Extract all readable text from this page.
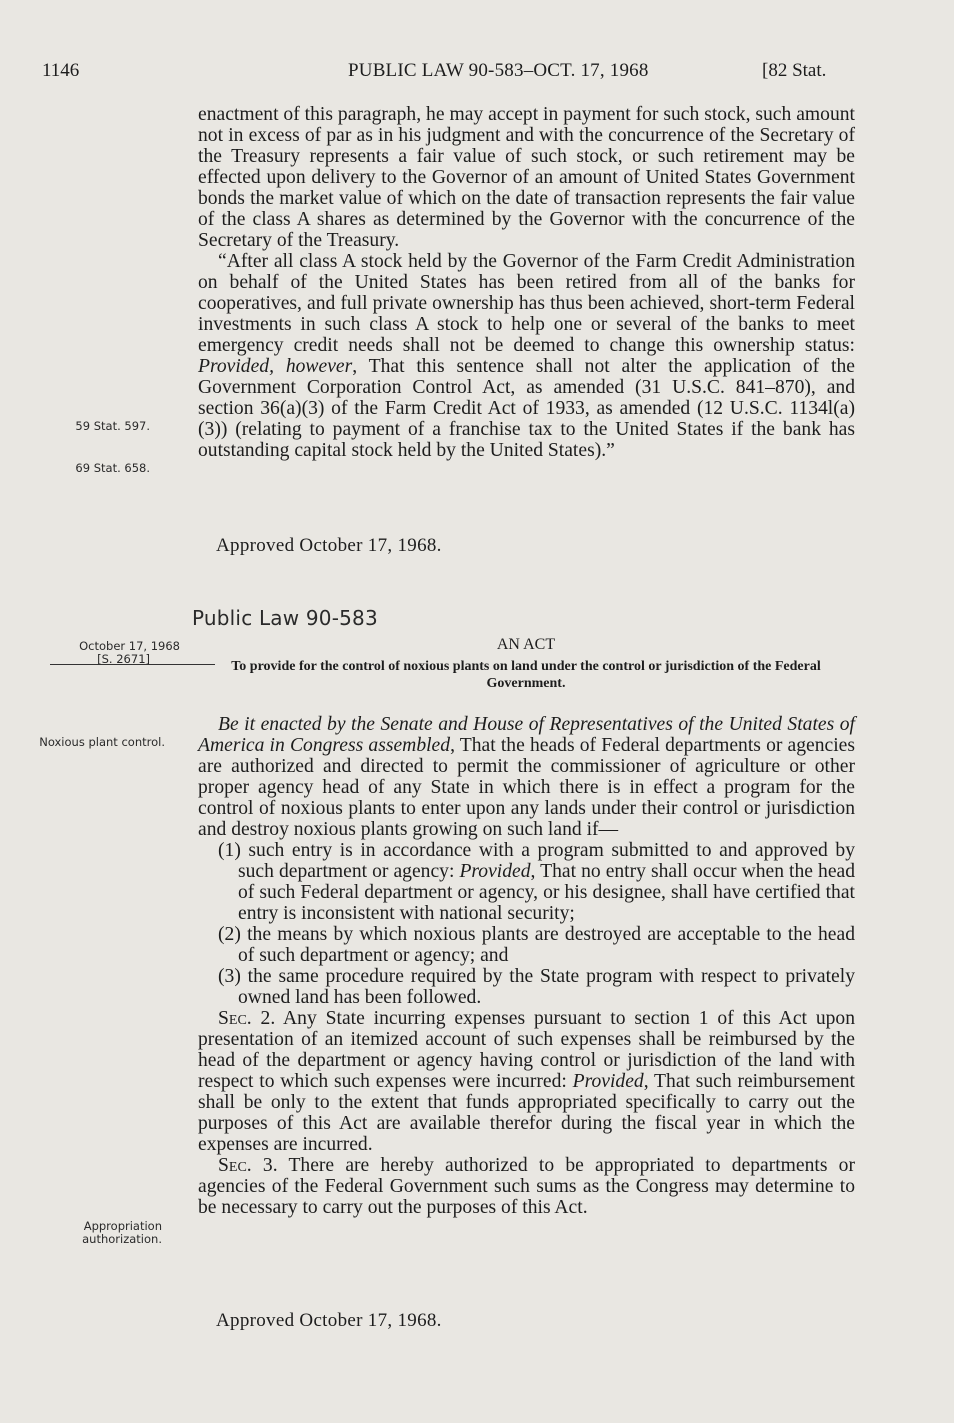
1146	PUBLIC LAW 90-583–OCT. 17, 1968	[82 Stat.

enactment of this paragraph, he may accept in payment for such stock, such amount not in excess of par as in his judgment and with the concurrence of the Secretary of the Treasury represents a fair value of such stock, or such retirement may be effected upon delivery to the Governor of an amount of United States Government bonds the market value of which on the date of transaction represents the fair value of the class A shares as determined by the Governor with the concurrence of the Secretary of the Treasury.

“After all class A stock held by the Governor of the Farm Credit Administration on behalf of the United States has been retired from all of the banks for cooperatives, and full private ownership has thus been achieved, short-term Federal investments in such class A stock to help one or several of the banks to meet emergency credit needs shall not be deemed to change this ownership status: Provided, however, That this sentence shall not alter the application of the Government Corporation Control Act, as amended (31 U.S.C. 841–870), and section 36(a)(3) of the Farm Credit Act of 1933, as amended (12 U.S.C. 1134l(a)(3)) (relating to payment of a franchise tax to the United States if the bank has outstanding capital stock held by the United States).”

Approved October 17, 1968.
59 Stat. 597.
69 Stat. 658.
Public Law 90-583
October 17, 1968
[S. 2671]
AN ACT
To provide for the control of noxious plants on land under the control or jurisdiction of the Federal Government.
Noxious plant control.

Be it enacted by the Senate and House of Representatives of the United States of America in Congress assembled, That the heads of Federal departments or agencies are authorized and directed to permit the commissioner of agriculture or other proper agency head of any State in which there is in effect a program for the control of noxious plants to enter upon any lands under their control or jurisdiction and destroy noxious plants growing on such land if—

(1) such entry is in accordance with a program submitted to and approved by such department or agency: Provided, That no entry shall occur when the head of such Federal department or agency, or his designee, shall have certified that entry is inconsistent with national security;

(2) the means by which noxious plants are destroyed are acceptable to the head of such department or agency; and

(3) the same procedure required by the State program with respect to privately owned land has been followed.

Sec. 2. Any State incurring expenses pursuant to section 1 of this Act upon presentation of an itemized account of such expenses shall be reimbursed by the head of the department or agency having control or jurisdiction of the land with respect to which such expenses were incurred: Provided, That such reimbursement shall be only to the extent that funds appropriated specifically to carry out the purposes of this Act are available therefor during the fiscal year in which the expenses are incurred.

Sec. 3. There are hereby authorized to be appropriated to departments or agencies of the Federal Government such sums as the Congress may determine to be necessary to carry out the purposes of this Act.

Appropriation authorization.
Approved October 17, 1968.
